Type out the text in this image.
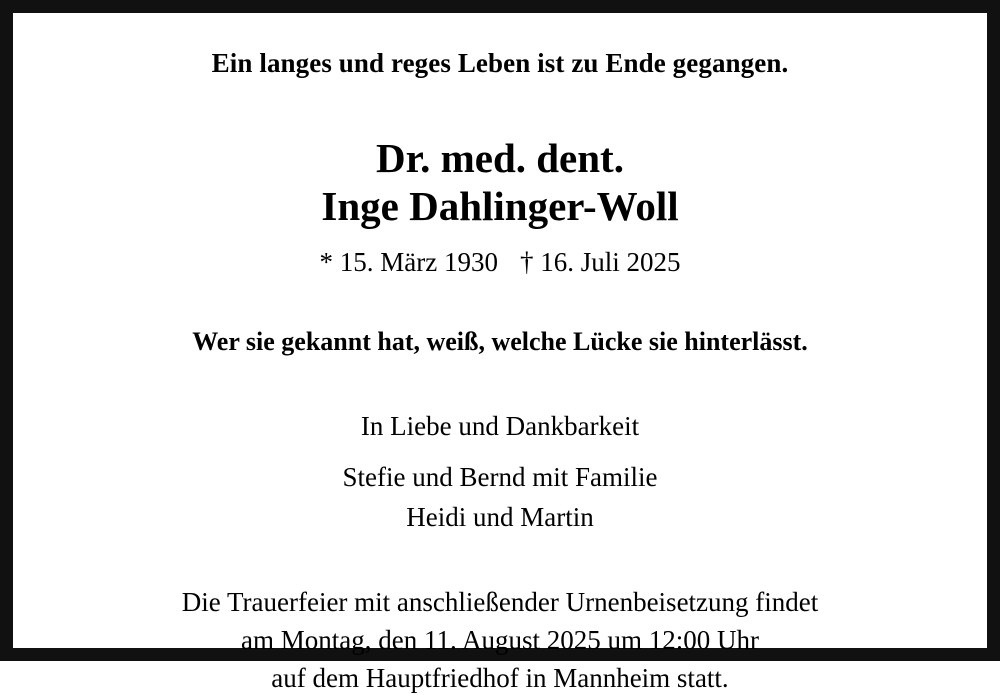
Ein langes und reges Leben ist zu Ende gegangen.
Dr. med. dent.
Inge Dahlinger-Woll
* 15. März 1930 † 16. Juli 2025
Wer sie gekannt hat, weiß, welche Lücke sie hinterlässt.
In Liebe und Dankbarkeit
Stefie und Bernd mit Familie
Heidi und Martin
Die Trauerfeier mit anschließender Urnenbeisetzung findet
am Montag, den 11. August 2025 um 12:00 Uhr
auf dem Hauptfriedhof in Mannheim statt.
